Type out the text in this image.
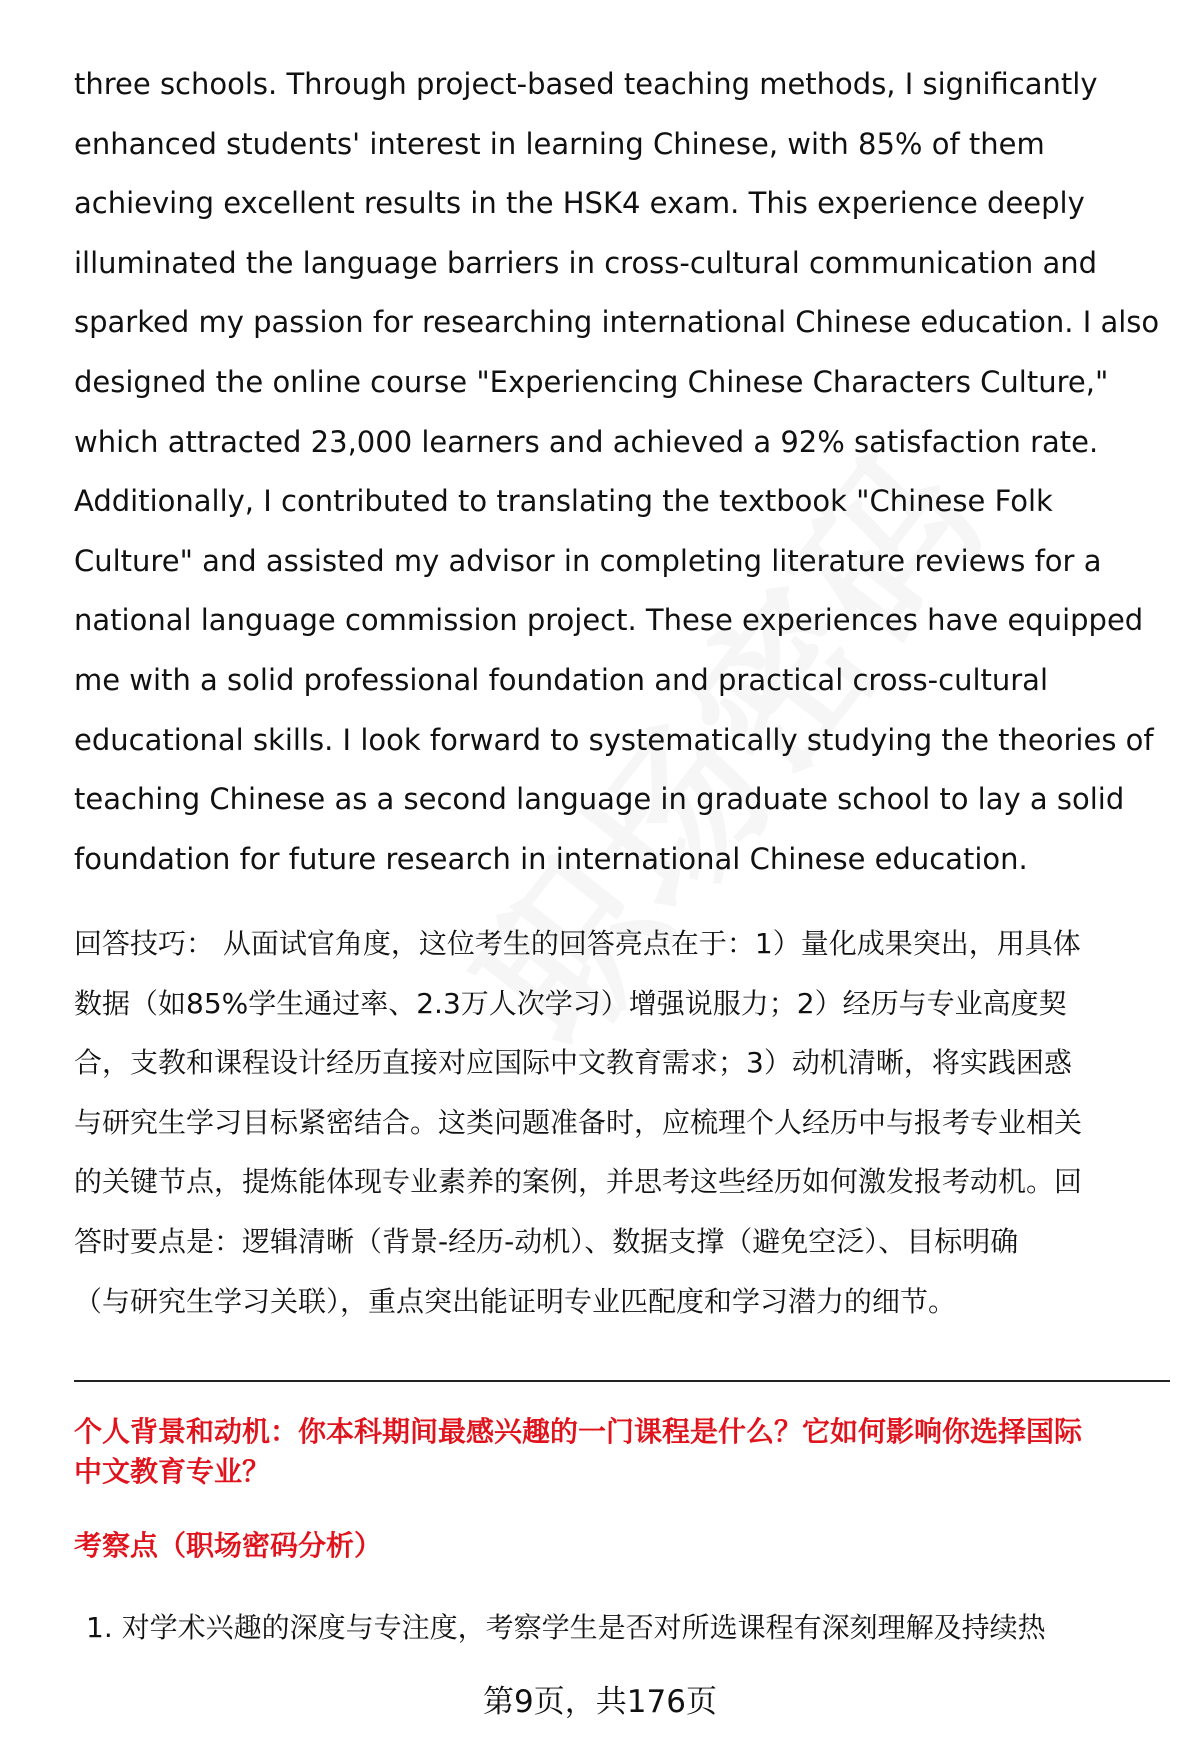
three schools. Through project-based teaching methods, I significantly
enhanced students' interest in learning Chinese, with 85% of them
achieving excellent results in the HSK4 exam. This experience deeply
illuminated the language barriers in cross-cultural communication and
sparked my passion for researching international Chinese education. I also
designed the online course "Experiencing Chinese Characters Culture,"
which attracted 23,000 learners and achieved a 92% satisfaction rate.
Additionally, I contributed to translating the textbook "Chinese Folk
Culture" and assisted my advisor in completing literature reviews for a
national language commission project. These experiences have equipped
me with a solid professional foundation and practical cross-cultural
educational skills. I look forward to systematically studying the theories of
teaching Chinese as a second language in graduate school to lay a solid
foundation for future research in international Chinese education.
回答技巧： 从面试官角度，这位考生的回答亮点在于：1）量化成果突出，用具体
数据（如85%学生通过率、2.3万人次学习）增强说服力；2）经历与专业高度契
合，支教和课程设计经历直接对应国际中文教育需求；3）动机清晰，将实践困惑
与研究生学习目标紧密结合。这类问题准备时，应梳理个人经历中与报考专业相关
的关键节点，提炼能体现专业素养的案例，并思考这些经历如何激发报考动机。回
答时要点是：逻辑清晰（背景-经历-动机）、数据支撑（避免空泛）、目标明确
（与研究生学习关联），重点突出能证明专业匹配度和学习潜力的细节。
个人背景和动机：你本科期间最感兴趣的一门课程是什么？它如何影响你选择国际
中文教育专业？
考察点（职场密码分析）
1. 对学术兴趣的深度与专注度，考察学生是否对所选课程有深刻理解及持续热
第9页，共176页
